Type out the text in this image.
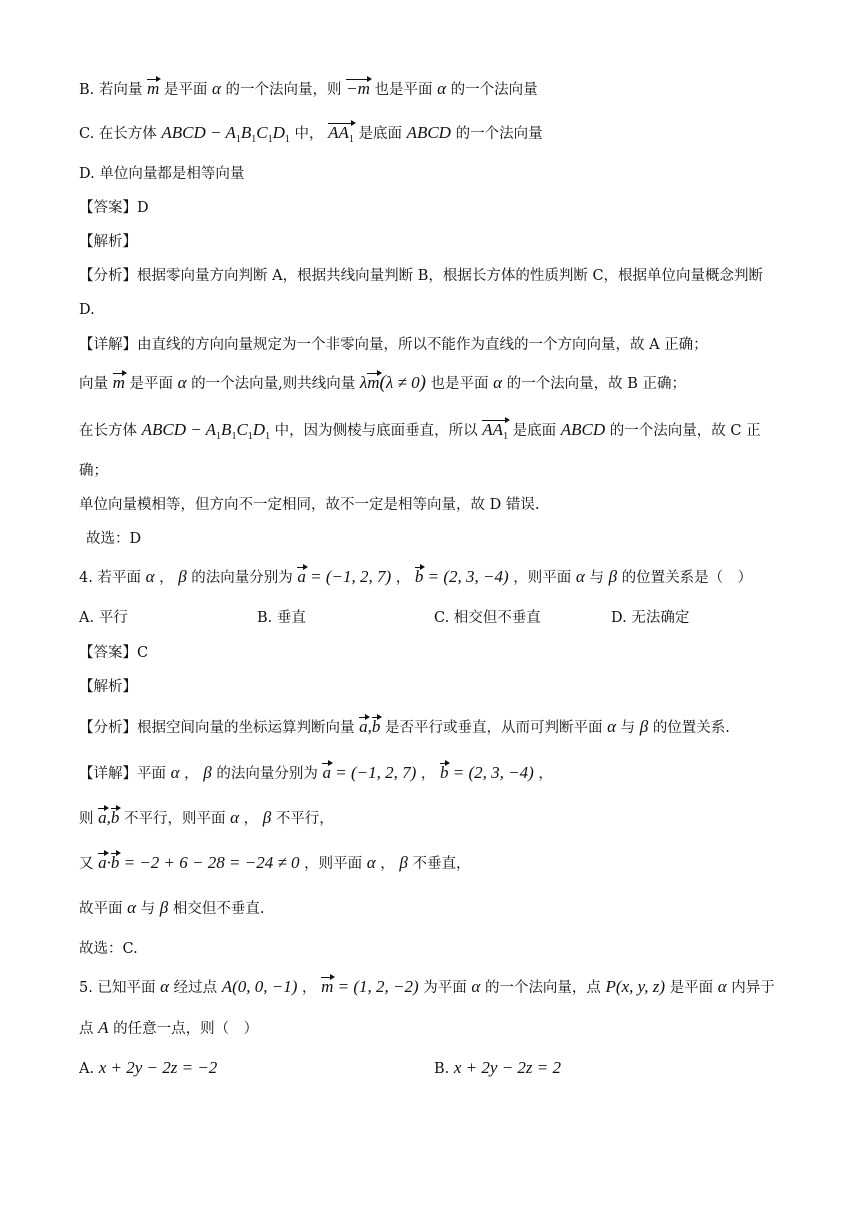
B. 若向量 m 是平面 α 的一个法向量，则 −m 也是平面 α 的一个法向量
C. 在长方体 ABCD − $A_1B_1C_1D_1$ 中， $AA_1$ 是底面 ABCD 的一个法向量
D. 单位向量都是相等向量
【答案】D
【解析】
【分析】根据零向量方向判断 A，根据共线向量判断 B，根据长方体的性质判断 C，根据单位向量概念判断
D.
【详解】由直线的方向向量规定为一个非零向量，所以不能作为直线的一个方向向量，故 A 正确；
向量 m 是平面 α 的一个法向量,则共线向量 λm(λ ≠ 0) 也是平面 α 的一个法向量，故 B 正确；
在长方体 ABCD − $A_1B_1C_1D_1$ 中，因为侧棱与底面垂直，所以 $AA_1$ 是底面 ABCD 的一个法向量，故 C 正
确；
单位向量模相等，但方向不一定相同，故不一定是相等向量，故 D 错误.
故选：D
4. 若平面 α ， β 的法向量分别为 a = (−1, 2, 7) ， b = (2, 3, −4) ，则平面 α 与 β 的位置关系是（　）
A. 平行	B. 垂直	C. 相交但不垂直	D. 无法确定
【答案】C
【解析】
【分析】根据空间向量的坐标运算判断向量 a,b 是否平行或垂直，从而可判断平面 α 与 β 的位置关系.
【详解】平面 α ， β 的法向量分别为 a = (−1, 2, 7) ， b = (2, 3, −4) ，
则 a,b 不平行，则平面 α ， β 不平行，
又 a·b = −2 + 6 − 28 = −24 ≠ 0 ，则平面 α ， β 不垂直，
故平面 α 与 β 相交但不垂直.
故选：C.
5. 已知平面 α 经过点 A(0, 0, −1) ， m = (1, 2, −2) 为平面 α 的一个法向量，点 P(x, y, z) 是平面 α 内异于
点 A 的任意一点，则（　）
A. x + 2y − 2z = −2	B. x + 2y − 2z = 2
